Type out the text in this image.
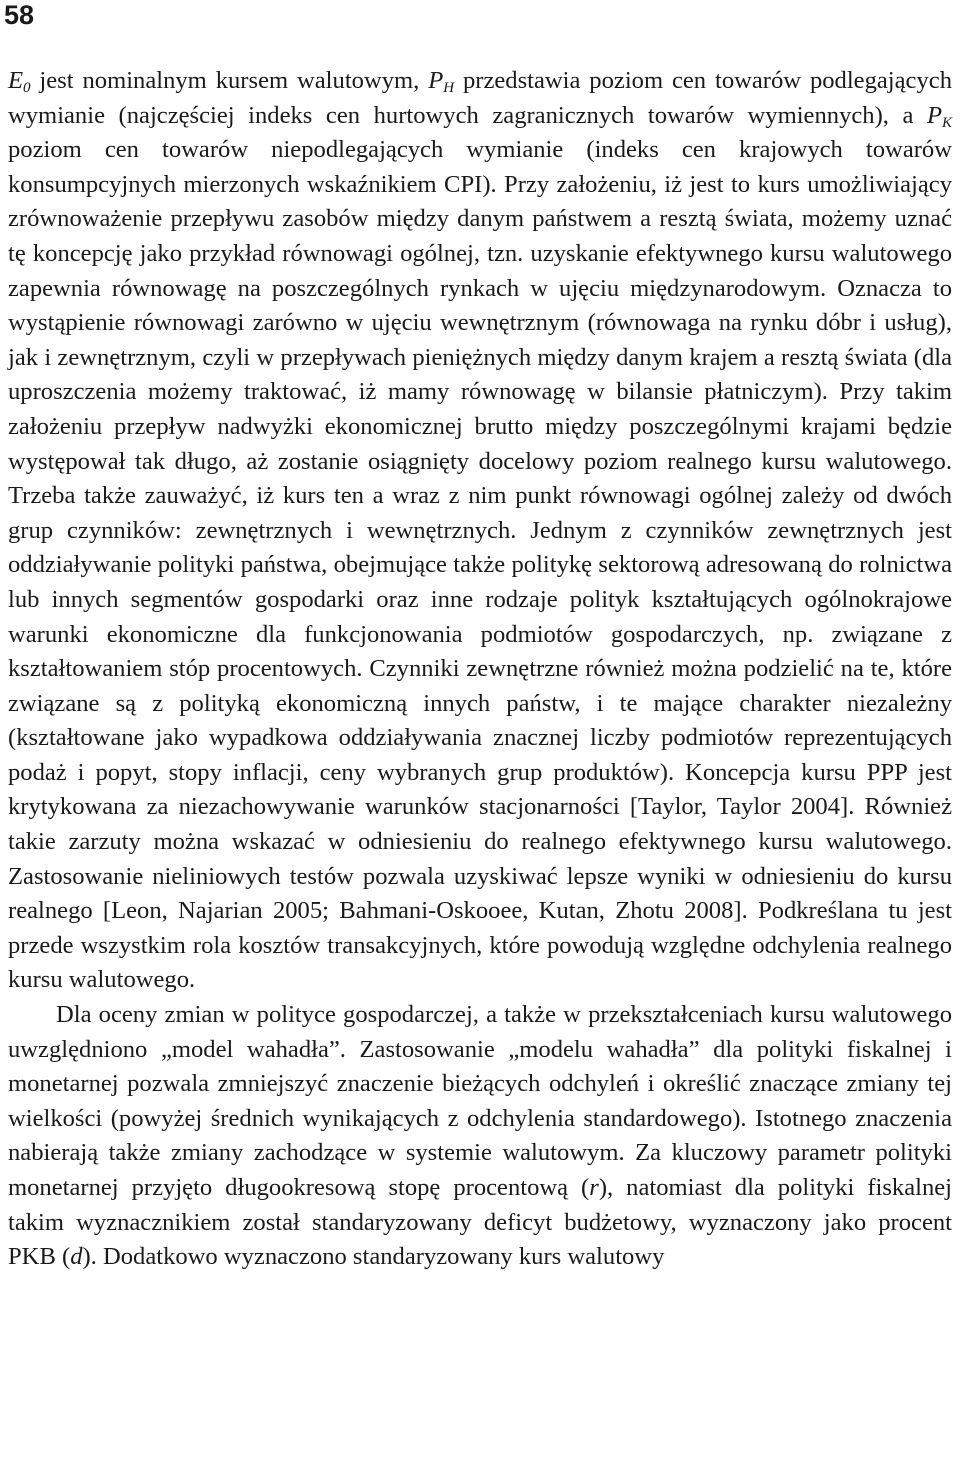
58

$E_0$ jest nominalnym kursem walutowym, $P_H$ przedstawia poziom cen towarów podlegających wymianie (najczęściej indeks cen hurtowych zagranicznych towarów wymiennych), a $P_K$ poziom cen towarów niepodlegających wymianie (indeks cen krajowych towarów konsumpcyjnych mierzonych wskaźnikiem CPI). Przy założeniu, iż jest to kurs umożliwiający zrównoważenie przepływu zasobów między danym państwem a resztą świata, możemy uznać tę koncepcję jako przykład równowagi ogólnej, tzn. uzyskanie efektywnego kursu walutowego zapewnia równowagę na poszczególnych rynkach w ujęciu międzynarodowym. Oznacza to wystąpienie równowagi zarówno w ujęciu wewnętrznym (równowaga na rynku dóbr i usług), jak i zewnętrznym, czyli w przepływach pieniężnych między danym krajem a resztą świata (dla uproszczenia możemy traktować, iż mamy równowagę w bilansie płatniczym). Przy takim założeniu przepływ nadwyżki ekonomicznej brutto między poszczególnymi krajami będzie występował tak długo, aż zostanie osiągnięty docelowy poziom realnego kursu walutowego. Trzeba także zauważyć, iż kurs ten a wraz z nim punkt równowagi ogólnej zależy od dwóch grup czynników: zewnętrznych i wewnętrznych. Jednym z czynników zewnętrznych jest oddziaływanie polityki państwa, obejmujące także politykę sektorową adresowaną do rolnictwa lub innych segmentów gospodarki oraz inne rodzaje polityk kształtujących ogólnokrajowe warunki ekonomiczne dla funkcjonowania podmiotów gospodarczych, np. związane z kształtowaniem stóp procentowych. Czynniki zewnętrzne również można podzielić na te, które związane są z polityką ekonomiczną innych państw, i te mające charakter niezależny (kształtowane jako wypadkowa oddziaływania znacznej liczby podmiotów reprezentujących podaż i popyt, stopy inflacji, ceny wybranych grup produktów). Koncepcja kursu PPP jest krytykowana za niezachowywanie warunków stacjonarności [Taylor, Taylor 2004]. Również takie zarzuty można wskazać w odniesieniu do realnego efektywnego kursu walutowego. Zastosowanie nieliniowych testów pozwala uzyskiwać lepsze wyniki w odniesieniu do kursu realnego [Leon, Najarian 2005; Bahmani-Oskooee, Kutan, Zhotu 2008]. Podkreślana tu jest przede wszystkim rola kosztów transakcyjnych, które powodują względne odchylenia realnego kursu walutowego.

Dla oceny zmian w polityce gospodarczej, a także w przekształceniach kursu walutowego uwzględniono „model wahadła”. Zastosowanie „modelu wahadła” dla polityki fiskalnej i monetarnej pozwala zmniejszyć znaczenie bieżących odchyleń i określić znaczące zmiany tej wielkości (powyżej średnich wynikających z odchylenia standardowego). Istotnego znaczenia nabierają także zmiany zachodzące w systemie walutowym. Za kluczowy parametr polityki monetarnej przyjęto długookresową stopę procentową (r), natomiast dla polityki fiskalnej takim wyznacznikiem został standaryzowany deficyt budżetowy, wyznaczony jako procent PKB (d). Dodatkowo wyznaczono standaryzowany kurs walutowy
